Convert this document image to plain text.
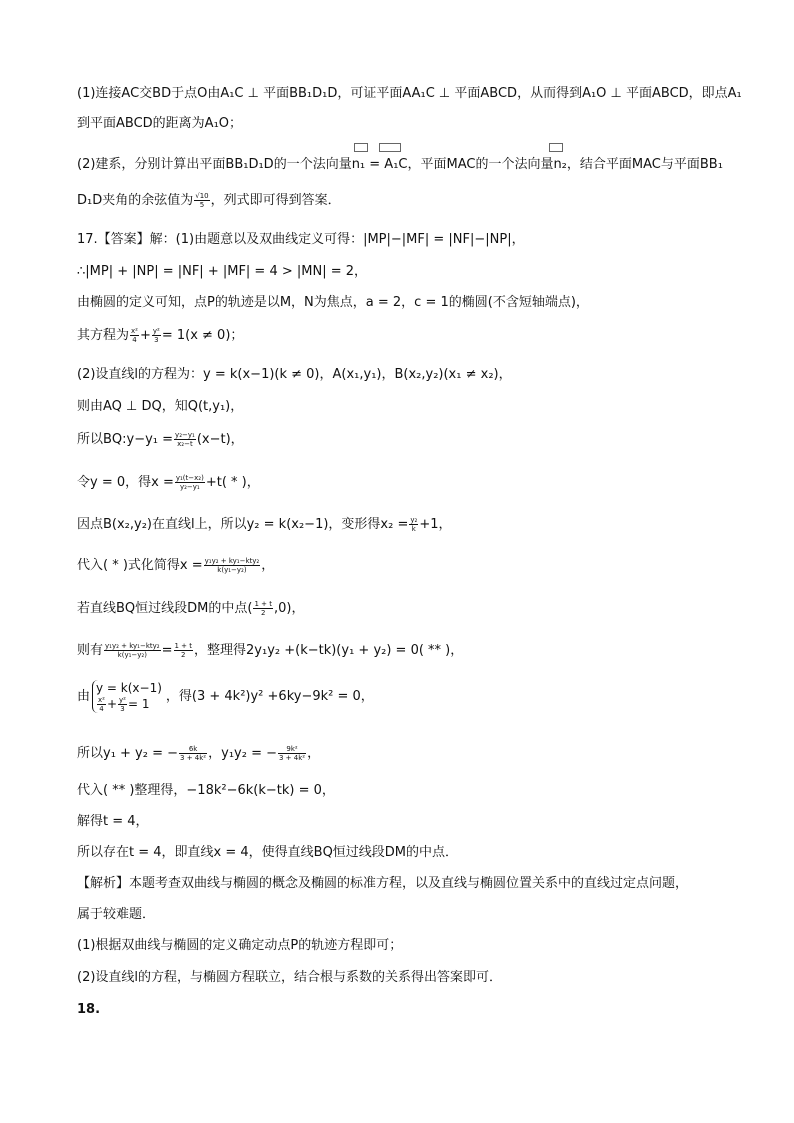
(1)连接AC交BD于点O由A₁C ⊥ 平面BB₁D₁D，可证平面AA₁C ⊥ 平面ABCD，从而得到A₁O ⊥ 平面ABCD，即点A₁
到平面ABCD的距离为A₁O；
(2)建系，分别计算出平面BB₁D₁D的一个法向量n₁ = A₁C，平面MAC的一个法向量n₂，结合平面MAC与平面BB₁
D₁D夹角的余弦值为 $\frac{√10}{5}$ ，列式即可得到答案．
17.【答案】解：(1)由题意以及双曲线定义可得：|MP|−|MF| = |NF|−|NP|，
∴|MP| + |NP| = |NF| + |MF| = 4 > |MN| = 2，
由椭圆的定义可知，点P的轨迹是以M，N为焦点，a = 2，c = 1的椭圆(不含短轴端点)，
其方程为 $\frac{\text{x²}}{4} + \frac{\text{y²}}{3} = 1(x \ne 0)$；
(2)设直线l的方程为：y = k(x−1)(k ≠ 0)，A(x₁,y₁)，B(x₂,y₂)(x₁ ≠ x₂)，
则由AQ ⊥ DQ，知Q(t,y₁)，
所以BQ:y−y₁ = $\frac{\text{y₂−y₁}}{\text{x₂−t}} (x-t)$，
令y = 0，得$x = \frac{\text{y₁(t−x₂)}}{\text{y₂−y₁}} +t$( * )，
因点B(x₂,y₂)在直线l上，所以y₂ = k(x₂−1)，变形得$x_2 = \frac{\text{y₂}}{k} +1$，
代入( * )式化简得$x = \frac{\text{y₁y₂ + ky₁−kty₂}}{\text{k(y₁−y₂)}}$ ，
若直线BQ恒过线段DM的中点( $\frac{1 + t}{2} ,0$)，
则有 $\frac{\text{y₁y₂ + ky₁−kty₂}}{\text{k(y₁−y₂)}} = \frac{1 + t}{2}$ ，整理得2y₁y₂ +(k−tk)(y₁ + y₂) = 0( ** )，
由
y = k(x−1)
$\frac{\text{x²}}{4} + \frac{\text{y²}}{3} = 1$	，得(3 + 4k²)y² +6ky−9k² = 0，
所以y₁ + y₂ = − $\frac{6k}{\text{3 + 4k²}}$ ，y₁y₂ = − $\frac{\text{9k²}}{\text{3 + 4k²}}$ ，
代入( ** )整理得，−18k²−6k(k−tk) = 0，
解得t = 4，
所以存在t = 4，即直线x = 4，使得直线BQ恒过线段DM的中点．
【解析】本题考查双曲线与椭圆的概念及椭圆的标准方程，以及直线与椭圆位置关系中的直线过定点问题，
属于较难题．
(1)根据双曲线与椭圆的定义确定动点P的轨迹方程即可；
(2)设直线l的方程，与椭圆方程联立，结合根与系数的关系得出答案即可．
18.
